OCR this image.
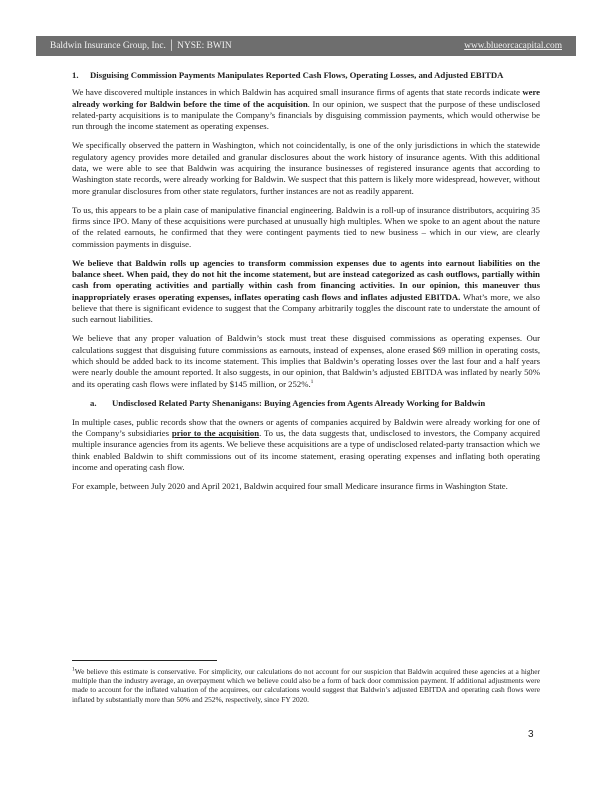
Baldwin Insurance Group, Inc. │ NYSE: BWIN	www.blueorcacapital.com
1.	Disguising Commission Payments Manipulates Reported Cash Flows, Operating Losses, and Adjusted EBITDA

We have discovered multiple instances in which Baldwin has acquired small insurance firms of agents that state records indicate were already working for Baldwin before the time of the acquisition. In our opinion, we suspect that the purpose of these undisclosed related-party acquisitions is to manipulate the Company’s financials by disguising commission payments, which would otherwise be run through the income statement as operating expenses.

We specifically observed the pattern in Washington, which not coincidentally, is one of the only jurisdictions in which the statewide regulatory agency provides more detailed and granular disclosures about the work history of insurance agents. With this additional data, we were able to see that Baldwin was acquiring the insurance businesses of registered insurance agents that according to Washington state records, were already working for Baldwin. We suspect that this pattern is likely more widespread, however, without more granular disclosures from other state regulators, further instances are not as readily apparent.

To us, this appears to be a plain case of manipulative financial engineering. Baldwin is a roll-up of insurance distributors, acquiring 35 firms since IPO. Many of these acquisitions were purchased at unusually high multiples. When we spoke to an agent about the nature of the related earnouts, he confirmed that they were contingent payments tied to new business – which in our view, are clearly commission payments in disguise.

We believe that Baldwin rolls up agencies to transform commission expenses due to agents into earnout liabilities on the balance sheet. When paid, they do not hit the income statement, but are instead categorized as cash outflows, partially within cash from operating activities and partially within cash from financing activities. In our opinion, this maneuver thus inappropriately erases operating expenses, inflates operating cash flows and inflates adjusted EBITDA. What’s more, we also believe that there is significant evidence to suggest that the Company arbitrarily toggles the discount rate to understate the amount of such earnout liabilities.

We believe that any proper valuation of Baldwin’s stock must treat these disguised commissions as operating expenses. Our calculations suggest that disguising future commissions as earnouts, instead of expenses, alone erased $69 million in operating costs, which should be added back to its income statement. This implies that Baldwin’s operating losses over the last four and a half years were nearly double the amount reported. It also suggests, in our opinion, that Baldwin’s adjusted EBITDA was inflated by nearly 50% and its operating cash flows were inflated by $145 million, or 252%.$^1$

a.	Undisclosed Related Party Shenanigans: Buying Agencies from Agents Already Working for Baldwin

In multiple cases, public records show that the owners or agents of companies acquired by Baldwin were already working for one of the Company’s subsidiaries prior to the acquisition. To us, the data suggests that, undisclosed to investors, the Company acquired multiple insurance agencies from its agents. We believe these acquisitions are a type of undisclosed related-party transaction which we think enabled Baldwin to shift commissions out of its income statement, erasing operating expenses and inflating both operating income and operating cash flow.

For example, between July 2020 and April 2021, Baldwin acquired four small Medicare insurance firms in Washington State.

$^1$We believe this estimate is conservative. For simplicity, our calculations do not account for our suspicion that Baldwin acquired these agencies at a higher multiple than the industry average, an overpayment which we believe could also be a form of back door commission payment. If additional adjustments were made to account for the inflated valuation of the acquirees, our calculations would suggest that Baldwin’s adjusted EBITDA and operating cash flows were inflated by substantially more than 50% and 252%, respectively, since FY 2020.
3
